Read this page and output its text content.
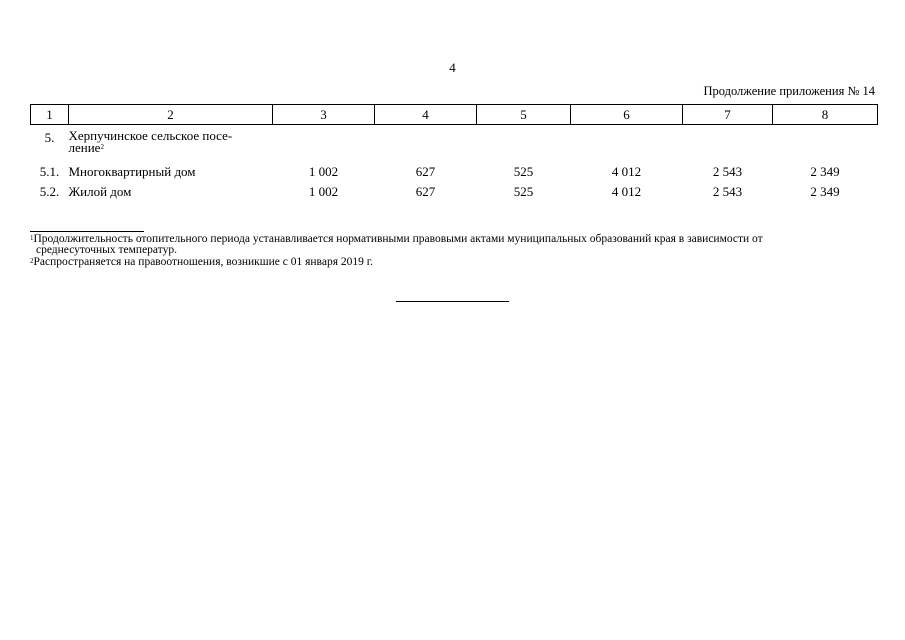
4
Продолжение приложения № 14
1	2	3	4	5	6	7	8
5.	Херпучинское сельское посе-
ление$^2$						
5.1.	Многоквартирный дом	1 002	627	525	4 012	2 543	2 349
5.2.	Жилой дом	1 002	627	525	4 012	2 543	2 349
$^1$Продолжительность отопительного периода устанавливается нормативными правовыми актами муниципальных образований края в зависимости от
среднесуточных температур.
$^2$Распространяется на правоотношения, возникшие с 01 января 2019 г.
